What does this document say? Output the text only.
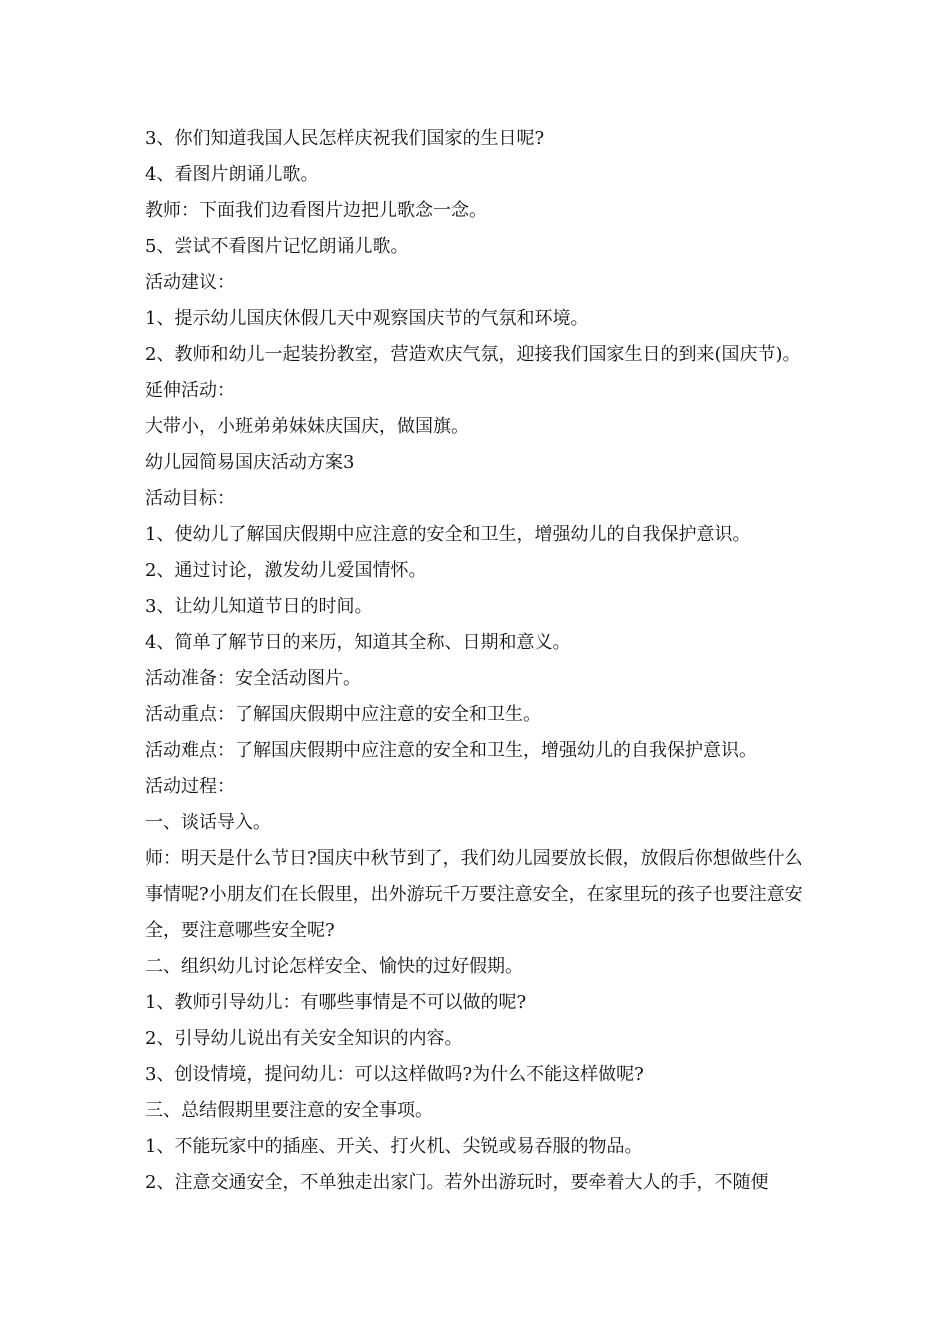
3、你们知道我国人民怎样庆祝我们国家的生日呢?

4、看图片朗诵儿歌。

教师：下面我们边看图片边把儿歌念一念。

5、尝试不看图片记忆朗诵儿歌。

活动建议：

1、提示幼儿国庆休假几天中观察国庆节的气氛和环境。

2、教师和幼儿一起装扮教室，营造欢庆气氛，迎接我们国家生日的到来(国庆节)。

延伸活动：

大带小，小班弟弟妹妹庆国庆，做国旗。

幼儿园简易国庆活动方案3

活动目标：

1、使幼儿了解国庆假期中应注意的安全和卫生，增强幼儿的自我保护意识。

2、通过讨论，激发幼儿爱国情怀。

3、让幼儿知道节日的时间。

4、简单了解节日的来历，知道其全称、日期和意义。

活动准备：安全活动图片。

活动重点：了解国庆假期中应注意的安全和卫生。

活动难点：了解国庆假期中应注意的安全和卫生，增强幼儿的自我保护意识。

活动过程：

一、谈话导入。

师：明天是什么节日?国庆中秋节到了，我们幼儿园要放长假，放假后你想做些什么事情呢?小朋友们在长假里，出外游玩千万要注意安全，在家里玩的孩子也要注意安全，要注意哪些安全呢?

二、组织幼儿讨论怎样安全、愉快的过好假期。

1、教师引导幼儿：有哪些事情是不可以做的呢?

2、引导幼儿说出有关安全知识的内容。

3、创设情境，提问幼儿：可以这样做吗?为什么不能这样做呢?

三、总结假期里要注意的安全事项。

1、不能玩家中的插座、开关、打火机、尖锐或易吞服的物品。

2、注意交通安全，不单独走出家门。若外出游玩时，要牵着大人的手，不随便
